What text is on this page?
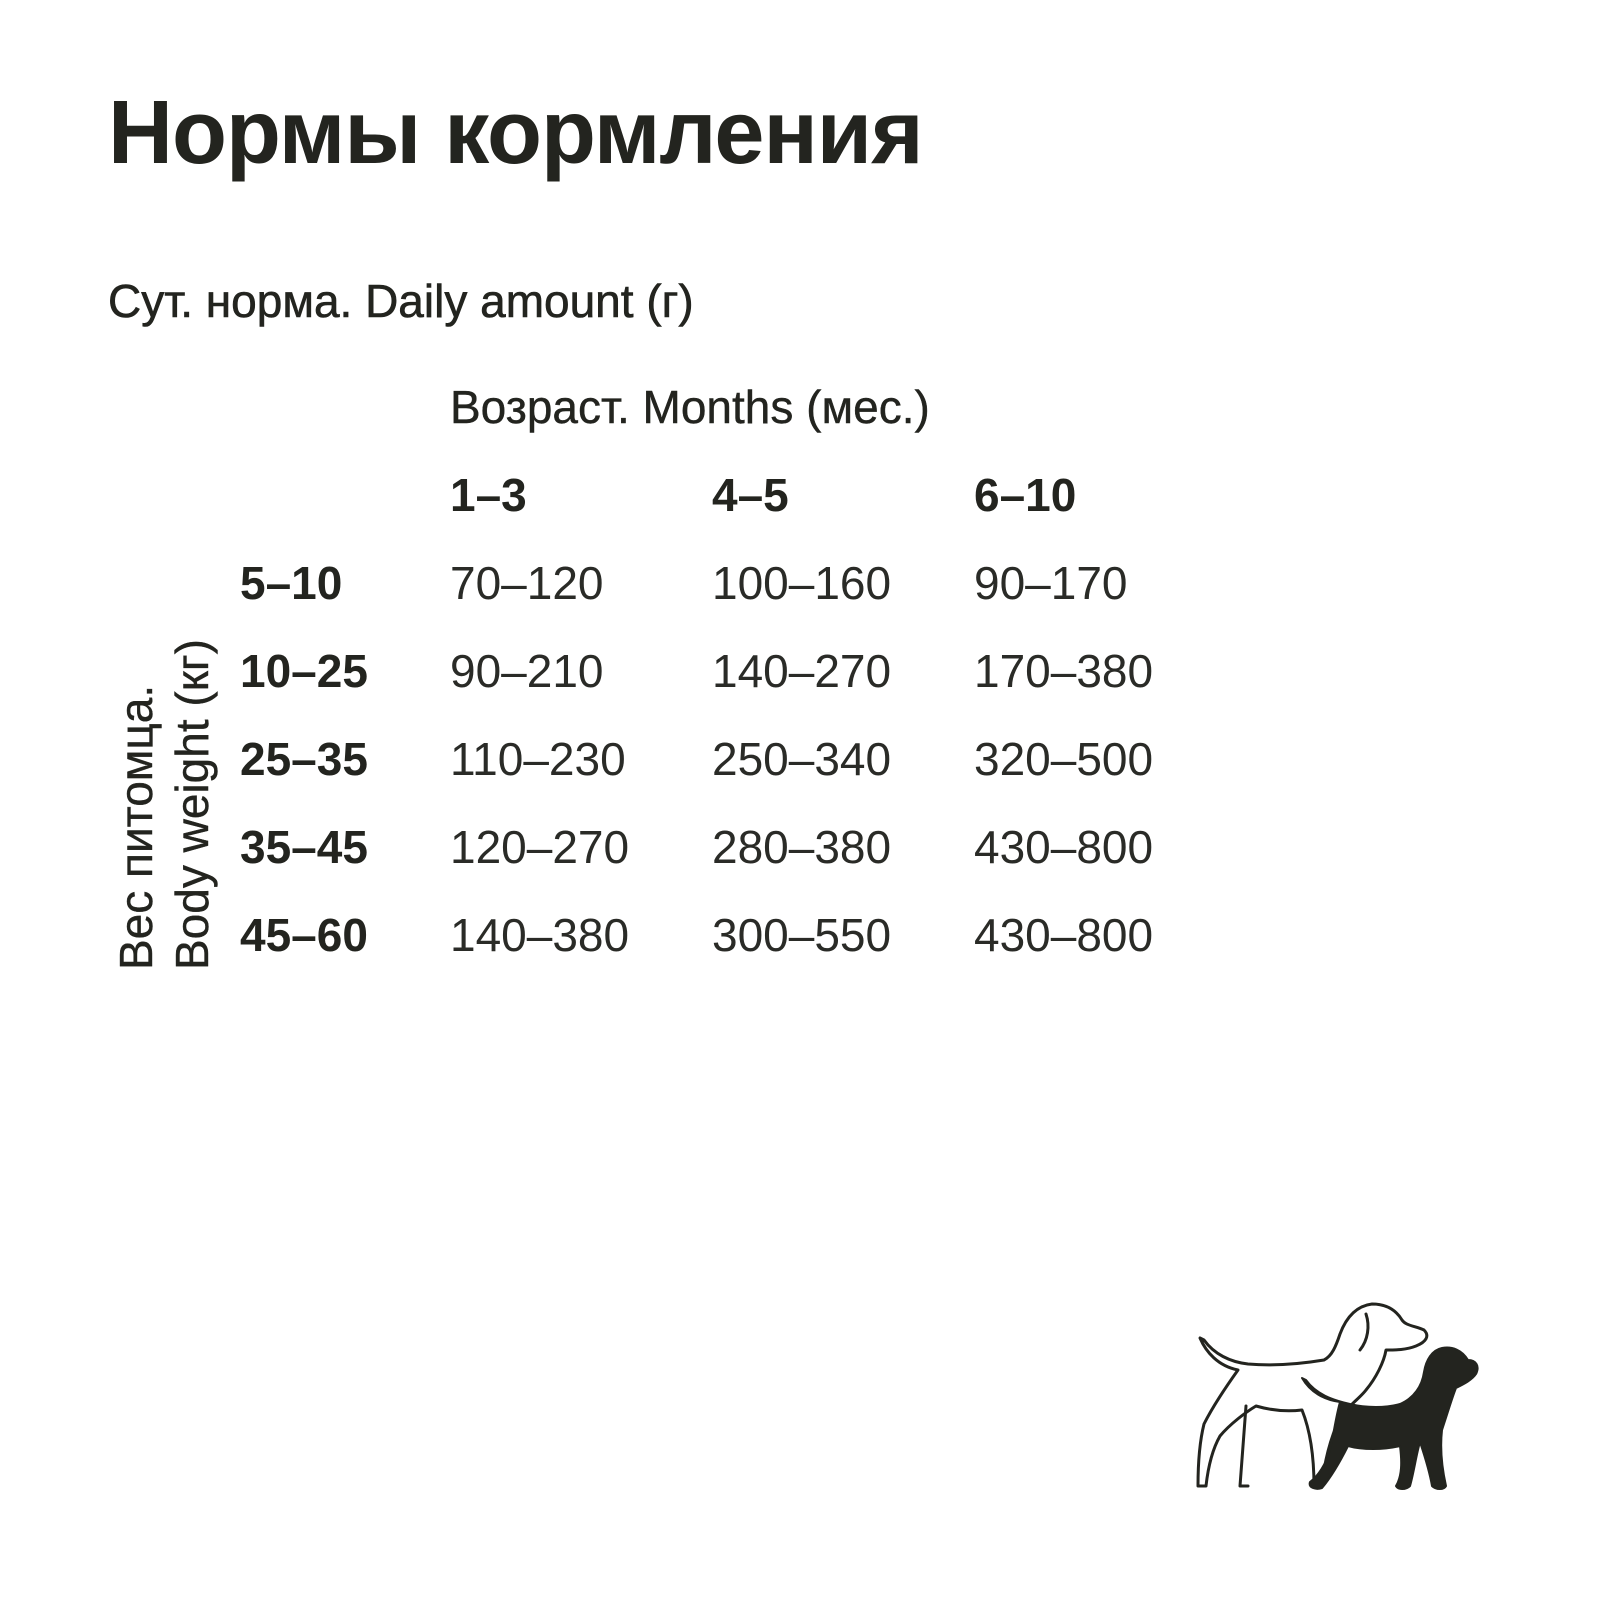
Нормы кормления
Сут. норма. Daily amount (г)
Возраст. Months (мес.)
Вес питомца. Body weight (кг)
1–3	4–5	6–10
5–10 70–120 100–160 90–170
10–25 90–210 140–270 170–380
25–35 110–230 250–340 320–500
35–45 120–270 280–380 430–800
45–60 140–380 300–550 430–800
